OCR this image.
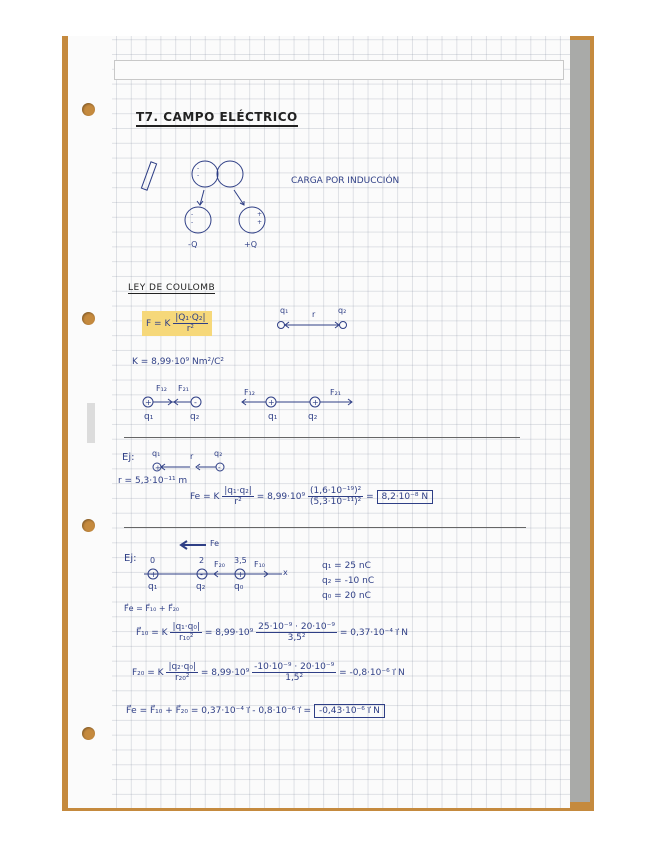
T7. CAMPO ELÉCTRICO
-
-
-
-
+
+
CARGA POR INDUCCIÓN
-Q	+Q
LEY DE COULOMB
F = K $\frac{\text{|Q₁·Q₂|}}{\text{r²}}$
q₁	r	q₂
K = 8,99·10⁹ Nm²/C²
+	-	+	+
F₁₂ F₂₁	F₁₂	F₂₁
q₁	q₂	q₁	q₂
Ej:
+	-
q₁	r	q₂
r = 5,3·10⁻¹¹ m
Fe = K $\frac{\text{|q₁·q₂|}}{\text{r²}} = 8,99\cdot 10^9 \frac{\text{(1,6·10⁻¹⁹)²}}{\text{(5,3·10⁻¹¹)²}} = 8,2\cdot 10^{-8}$ N
Ej:
Fe
+	-	+
0	2	3,5
x
F₂₀	F₁₀
q₁	q₂	q₀
q₁ = 25 nC
q₂ = -10 nC
q₀ = 20 nC
F⃗e = F⃗₁₀ + F⃗₂₀
F⃗₁₀ = K $\frac{\text{|q₁·q₀|}}{\text{r₁₀²}} = 8,99\cdot 10^9 \frac{\text{25·10⁻⁹ · 20·10⁻⁹}}{\text{3,5²}} = 0,37\cdot 10^{-4}$ i⃗ N
F₂₀ = K $\frac{\text{|q₂·q₀|}}{\text{r₂₀²}} = 8,99\cdot 10^9 \frac{\text{-10·10⁻⁹ · 20·10⁻⁹}}{\text{1,5²}} = -0,8\cdot 10^{-6}$ i⃗ N
F⃗e = F⃗₁₀ + F⃗₂₀ = 0,37·10⁻⁴ i⃗ - 0,8·10⁻⁶ i⃗ = -0,43·10⁻⁶ i⃗ N
